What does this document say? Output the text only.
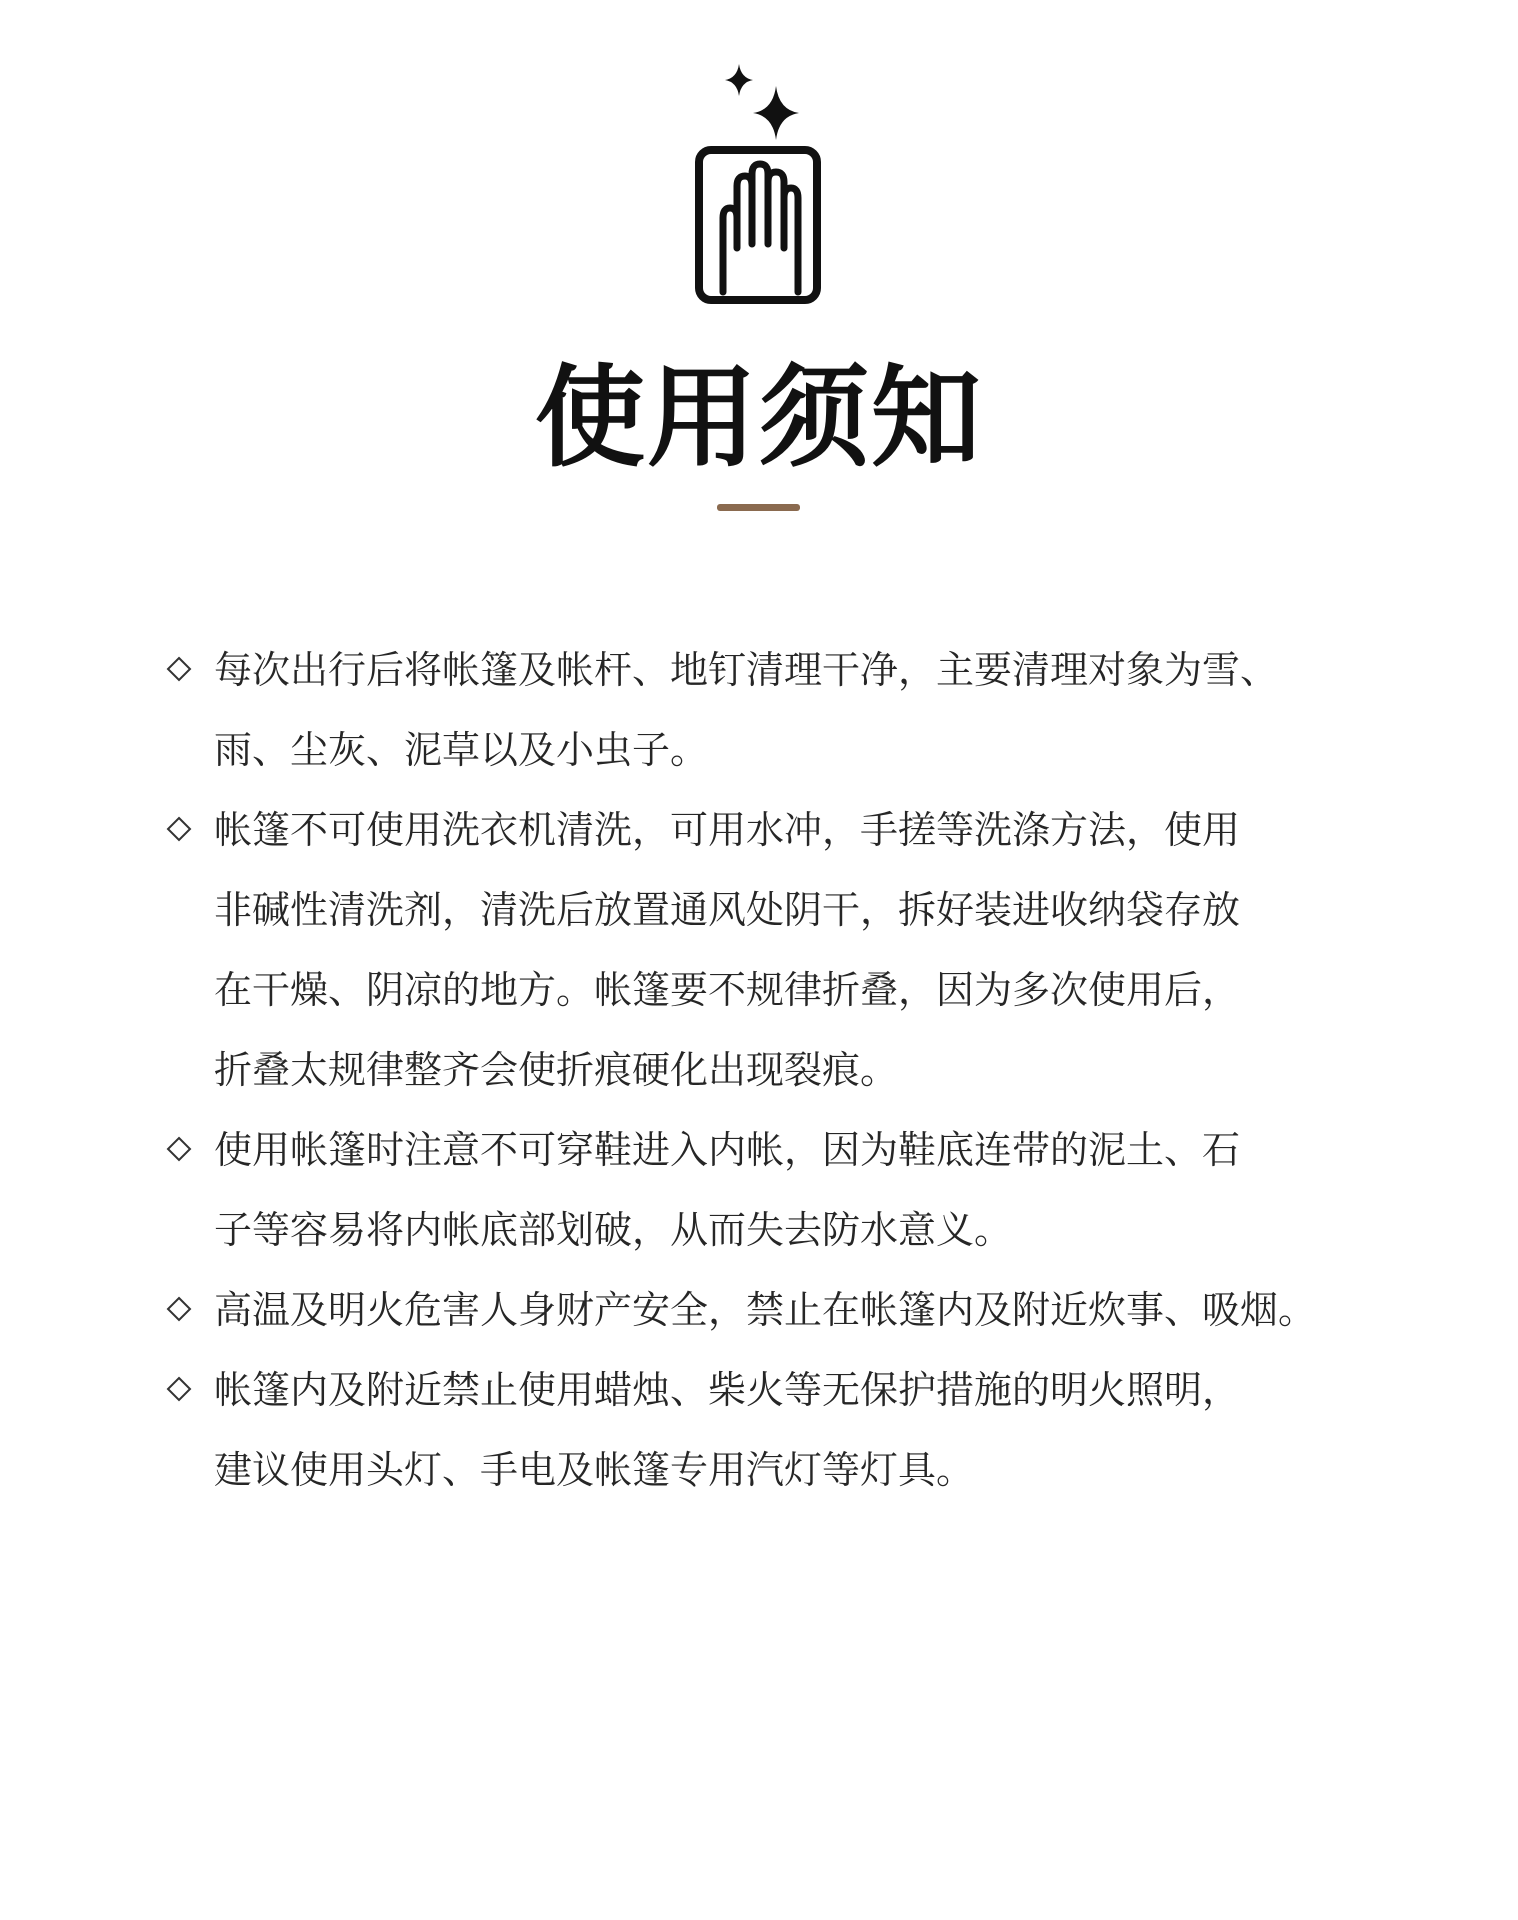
使用须知
每次出行后将帐篷及帐杆、地钉清理干净，主要清理对象为雪、
雨、尘灰、泥草以及小虫子。
帐篷不可使用洗衣机清洗，可用水冲，手搓等洗涤方法，使用
非碱性清洗剂，清洗后放置通风处阴干，拆好装进收纳袋存放
在干燥、阴凉的地方。帐篷要不规律折叠，因为多次使用后，
折叠太规律整齐会使折痕硬化出现裂痕。
使用帐篷时注意不可穿鞋进入内帐，因为鞋底连带的泥土、石
子等容易将内帐底部划破，从而失去防水意义。
高温及明火危害人身财产安全，禁止在帐篷内及附近炊事、吸烟。
帐篷内及附近禁止使用蜡烛、柴火等无保护措施的明火照明，
建议使用头灯、手电及帐篷专用汽灯等灯具。
